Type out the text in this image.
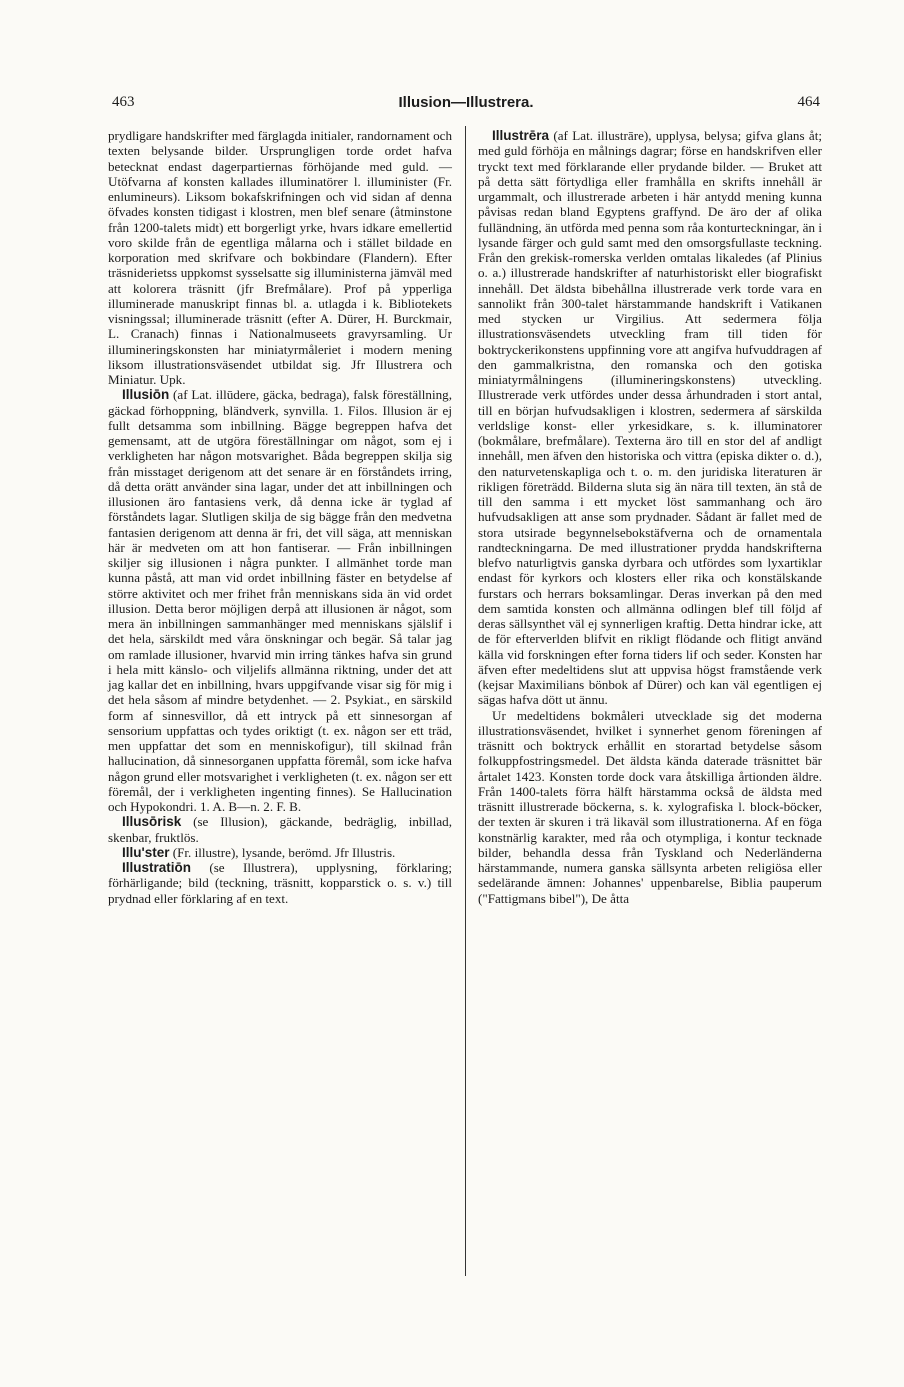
463	Illusion—Illustrera.	464

prydligare handskrifter med färglagda initialer, randornament och texten belysande bilder. Ursprungligen torde ordet hafva betecknat endast dagerpartiernas förhöjande med guld. — Utöfvarna af konsten kallades illuminatörer l. illuminister (Fr. enlumineurs). Liksom bokafskrifningen och vid sidan af denna öfvades konsten tidigast i klostren, men blef senare (åtminstone från 1200-talets midt) ett borgerligt yrke, hvars idkare emellertid voro skilde från de egentliga målarna och i stället bildade en korporation med skrifvare och bokbindare (Flandern). Efter träsniderietss uppkomst sysselsatte sig illuministerna jämväl med att kolorera träsnitt (jfr Brefmålare). Prof på ypperliga illuminerade manuskript finnas bl. a. utlagda i k. Bibliotekets visningssal; illuminerade träsnitt (efter A. Dürer, H. Burckmair, L. Cranach) finnas i Nationalmuseets gravyrsamling. Ur illumineringskonsten har miniatyrmåleriet i modern mening liksom illustrationsväsendet utbildat sig. Jfr Illustrera och Miniatur. Upk.

Illusiōn (af Lat. illūdere, gäcka, bedraga), falsk föreställning, gäckad förhoppning, bländverk, synvilla. 1. Filos. Illusion är ej fullt detsamma som inbillning. Bägge begreppen hafva det gemensamt, att de utgöra föreställningar om något, som ej i verkligheten har någon motsvarighet. Båda begreppen skilja sig från misstaget derigenom att det senare är en förståndets irring, då detta orätt använder sina lagar, under det att inbillningen och illusionen äro fantasiens verk, då denna icke är tyglad af förståndets lagar. Slutligen skilja de sig bägge från den medvetna fantasien derigenom att denna är fri, det vill säga, att menniskan här är medveten om att hon fantiserar. — Från inbillningen skiljer sig illusionen i några punkter. I allmänhet torde man kunna påstå, att man vid ordet inbillning fäster en betydelse af större aktivitet och mer frihet från menniskans sida än vid ordet illusion. Detta beror möjligen derpå att illusionen är något, som mera än inbillningen sammanhänger med menniskans själslif i det hela, särskildt med våra önskningar och begär. Så talar jag om ramlade illusioner, hvarvid min irring tänkes hafva sin grund i hela mitt känslo- och viljelifs allmänna riktning, under det att jag kallar det en inbillning, hvars uppgifvande visar sig för mig i det hela såsom af mindre betydenhet. — 2. Psykiat., en särskild form af sinnesvillor, då ett intryck på ett sinnesorgan af sensorium uppfattas och tydes oriktigt (t. ex. någon ser ett träd, men uppfattar det som en menniskofigur), till skilnad från hallucination, då sinnesorganen uppfatta föremål, som icke hafva någon grund eller motsvarighet i verkligheten (t. ex. någon ser ett föremål, der i verkligheten ingenting finnes). Se Hallucination och Hypokondri. 1. A. B—n. 2. F. B.

Illusōrisk (se Illusion), gäckande, bedräglig, inbillad, skenbar, fruktlös.

Illu'ster (Fr. illustre), lysande, berömd. Jfr Illustris.

Illustratiōn (se Illustrera), upplysning, förklaring; förhärligande; bild (teckning, träsnitt, kopparstick o. s. v.) till prydnad eller förklaring af en text.

Illustrēra (af Lat. illustrāre), upplysa, belysa; gifva glans åt; med guld förhöja en målnings dagrar; förse en handskrifven eller tryckt text med förklarande eller prydande bilder. — Bruket att på detta sätt förtydliga eller framhålla en skrifts innehåll är urgammalt, och illustrerade arbeten i här antydd mening kunna påvisas redan bland Egyptens graffynd. De äro der af olika fulländning, än utförda med penna som råa konturteckningar, än i lysande färger och guld samt med den omsorgsfullaste teckning. Från den grekisk-romerska verlden omtalas likaledes (af Plinius o. a.) illustrerade handskrifter af naturhistoriskt eller biografiskt innehåll. Det äldsta bibehållna illustrerade verk torde vara en sannolikt från 300-talet härstammande handskrift i Vatikanen med stycken ur Virgilius. Att sedermera följa illustrationsväsendets utveckling fram till tiden för boktryckerikonstens uppfinning vore att angifva hufvuddragen af den gammalkristna, den romanska och den gotiska miniatyrmålningens (illumineringskonstens) utveckling. Illustrerade verk utfördes under dessa århundraden i stort antal, till en början hufvudsakligen i klostren, sedermera af särskilda verldslige konst- eller yrkesidkare, s. k. illuminatorer (bokmålare, brefmålare). Texterna äro till en stor del af andligt innehåll, men äfven den historiska och vittra (episka dikter o. d.), den naturvetenskapliga och t. o. m. den juridiska literaturen är rikligen företrädd. Bilderna sluta sig än nära till texten, än stå de till den samma i ett mycket löst sammanhang och äro hufvudsakligen att anse som prydnader. Sådant är fallet med de stora utsirade begynnelsebokstäfverna och de ornamentala randteckningarna. De med illustrationer prydda handskrifterna blefvo naturligtvis ganska dyrbara och utfördes som lyxartiklar endast för kyrkors och klosters eller rika och konstälskande furstars och herrars boksamlingar. Deras inverkan på den med dem samtida konsten och allmänna odlingen blef till följd af deras sällsynthet väl ej synnerligen kraftig. Detta hindrar icke, att de för efterverlden blifvit en rikligt flödande och flitigt använd källa vid forskningen efter forna tiders lif och seder. Konsten har äfven efter medeltidens slut att uppvisa högst framstående verk (kejsar Maximilians bönbok af Dürer) och kan väl egentligen ej sägas hafva dött ut ännu.

Ur medeltidens bokmåleri utvecklade sig det moderna illustrationsväsendet, hvilket i synnerhet genom föreningen af träsnitt och boktryck erhållit en storartad betydelse såsom folkuppfostringsmedel. Det äldsta kända daterade träsnittet bär årtalet 1423. Konsten torde dock vara åtskilliga årtionden äldre. Från 1400-talets förra hälft härstamma också de äldsta med träsnitt illustrerade böckerna, s. k. xylografiska l. block-böcker, der texten är skuren i trä likaväl som illustrationerna. Af en föga konstnärlig karakter, med råa och otympliga, i kontur tecknade bilder, behandla dessa från Tyskland och Nederländerna härstammande, numera ganska sällsynta arbeten religiösa eller sedelärande ämnen: Johannes' uppenbarelse, Biblia pauperum ("Fattigmans bibel"), De åtta
